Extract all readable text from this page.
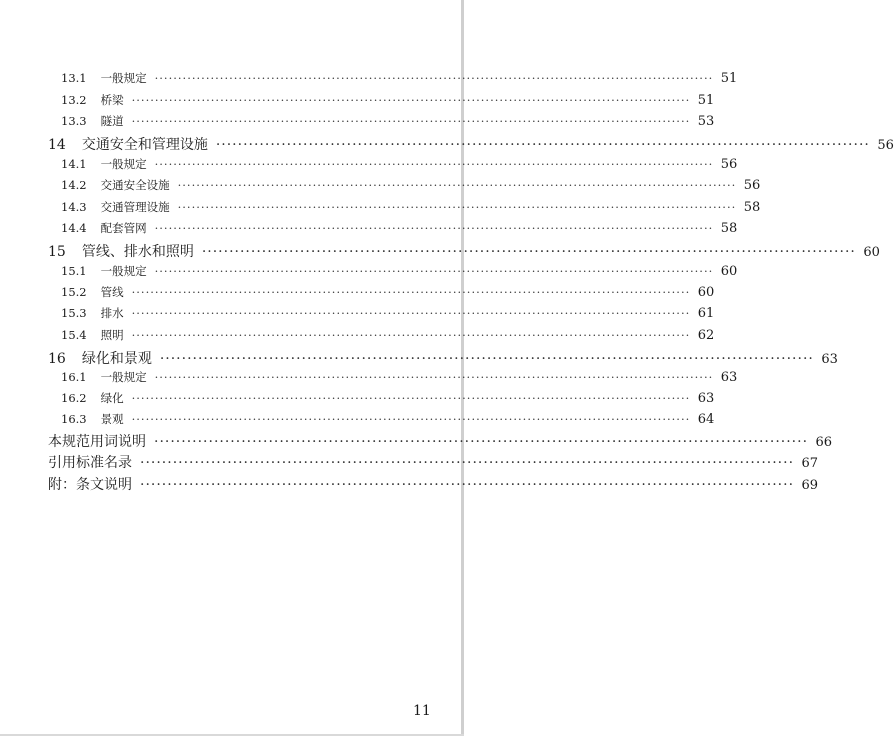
13.1 一般规定 ························································································································ 51
13.2 桥梁 ························································································································ 51
13.3 隧道 ························································································································ 53
14 交通安全和管理设施 ························································································································ 56
14.1 一般规定 ························································································································ 56
14.2 交通安全设施 ························································································································ 56
14.3 交通管理设施 ························································································································ 58
14.4 配套管网 ························································································································ 58
15 管线、排水和照明 ························································································································ 60
15.1 一般规定 ························································································································ 60
15.2 管线 ························································································································ 60
15.3 排水 ························································································································ 61
15.4 照明 ························································································································ 62
16 绿化和景观 ························································································································ 63
16.1 一般规定 ························································································································ 63
16.2 绿化 ························································································································ 63
16.3 景观 ························································································································ 64
本规范用词说明 ························································································································ 66
引用标准名录 ························································································································ 67
附：条文说明 ························································································································ 69
11
